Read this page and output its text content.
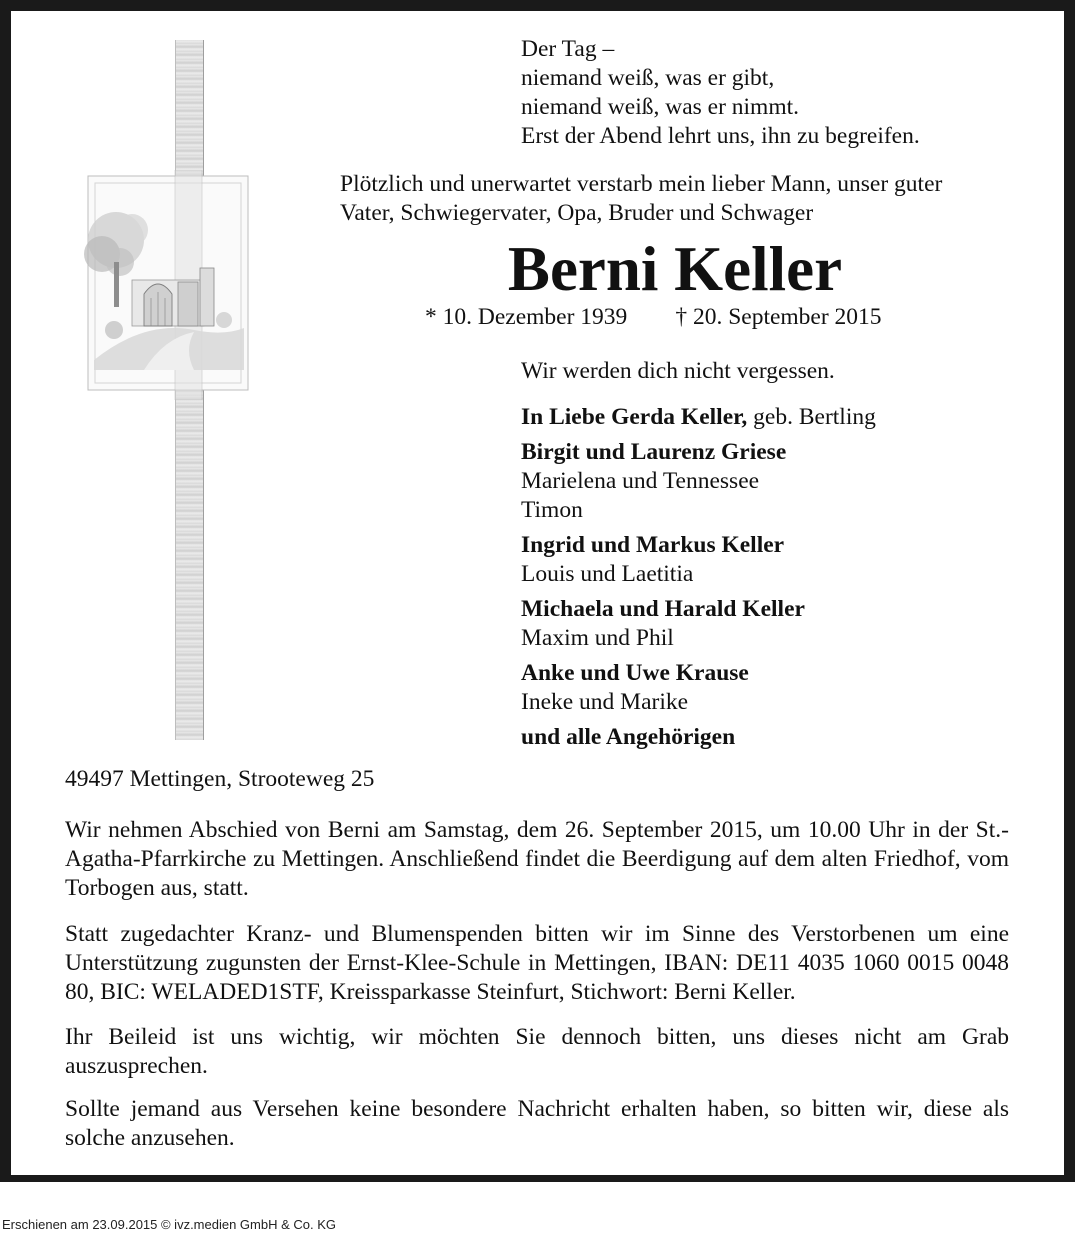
Der Tag –
niemand weiß, was er gibt,
niemand weiß, was er nimmt.
Erst der Abend lehrt uns, ihn zu begreifen.
Plötzlich und unerwartet verstarb mein lieber Mann, unser guter
Vater, Schwiegervater, Opa, Bruder und Schwager
Berni Keller
* 10. Dezember 1939 † 20. September 2015
Wir werden dich nicht vergessen.
In Liebe Gerda Keller, geb. Bertling
Birgit und Laurenz Griese
Marielena und Tennessee
Timon
Ingrid und Markus Keller
Louis und Laetitia
Michaela und Harald Keller
Maxim und Phil
Anke und Uwe Krause
Ineke und Marike
und alle Angehörigen
49497 Mettingen, Strooteweg 25

Wir nehmen Abschied von Berni am Samstag, dem 26. September 2015, um 10.00 Uhr in der St.-Agatha-Pfarrkirche zu Mettingen. Anschließend findet die Beerdigung auf dem alten Friedhof, vom Torbogen aus, statt.

Statt zugedachter Kranz- und Blumenspenden bitten wir im Sinne des Verstorbenen um eine Unterstützung zugunsten der Ernst-Klee-Schule in Mettingen, IBAN: DE11 4035 1060 0015 0048 80, BIC: WELADED1STF, Kreissparkasse Steinfurt, Stichwort: Berni Keller.

Ihr Beileid ist uns wichtig, wir möchten Sie dennoch bitten, uns dieses nicht am Grab auszusprechen.

Sollte jemand aus Versehen keine besondere Nachricht erhalten haben, so bitten wir, diese als solche anzusehen.

Erschienen am 23.09.2015 © ivz.medien GmbH & Co. KG
